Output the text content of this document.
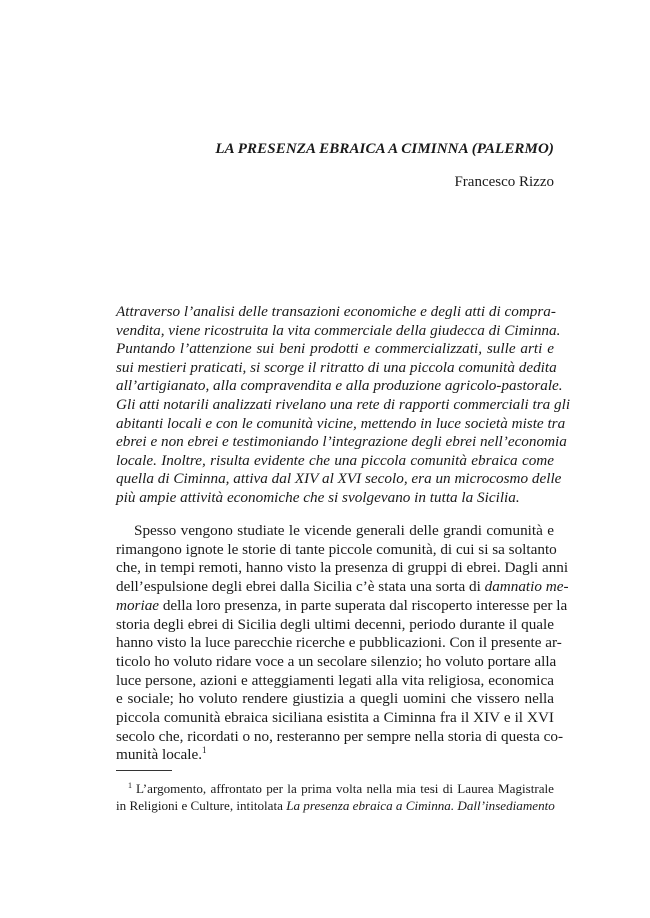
LA PRESENZA EBRAICA A CIMINNA (PALERMO)

Francesco Rizzo

Attraverso l’analisi delle transazioni economiche e degli atti di compra-
vendita, viene ricostruita la vita commerciale della giudecca di Ciminna.
Puntando l’attenzione sui beni prodotti e commercializzati, sulle arti e
sui mestieri praticati, si scorge il ritratto di una piccola comunità dedita
all’artigianato, alla compravendita e alla produzione agricolo-pastorale.
Gli atti notarili analizzati rivelano una rete di rapporti commerciali tra gli
abitanti locali e con le comunità vicine, mettendo in luce società miste tra
ebrei e non ebrei e testimoniando l’integrazione degli ebrei nell’economia
locale. Inoltre, risulta evidente che una piccola comunità ebraica come
quella di Ciminna, attiva dal XIV al XVI secolo, era un microcosmo delle
più ampie attività economiche che si svolgevano in tutta la Sicilia.

Spesso vengono studiate le vicende generali delle grandi comunità e
rimangono ignote le storie di tante piccole comunità, di cui si sa soltanto
che, in tempi remoti, hanno visto la presenza di gruppi di ebrei. Dagli anni
dell’espulsione degli ebrei dalla Sicilia c’è stata una sorta di damnatio me-
moriae della loro presenza, in parte superata dal riscoperto interesse per la
storia degli ebrei di Sicilia degli ultimi decenni, periodo durante il quale
hanno visto la luce parecchie ricerche e pubblicazioni. Con il presente ar-
ticolo ho voluto ridare voce a un secolare silenzio; ho voluto portare alla
luce persone, azioni e atteggiamenti legati alla vita religiosa, economica
e sociale; ho voluto rendere giustizia a quegli uomini che vissero nella
piccola comunità ebraica siciliana esistita a Ciminna fra il XIV e il XVI
secolo che, ricordati o no, resteranno per sempre nella storia di questa co-
munità locale.$^1$

$^1$ L’argomento, affrontato per la prima volta nella mia tesi di Laurea Magistrale
in Religioni e Culture, intitolata La presenza ebraica a Ciminna. Dall’insediamento
